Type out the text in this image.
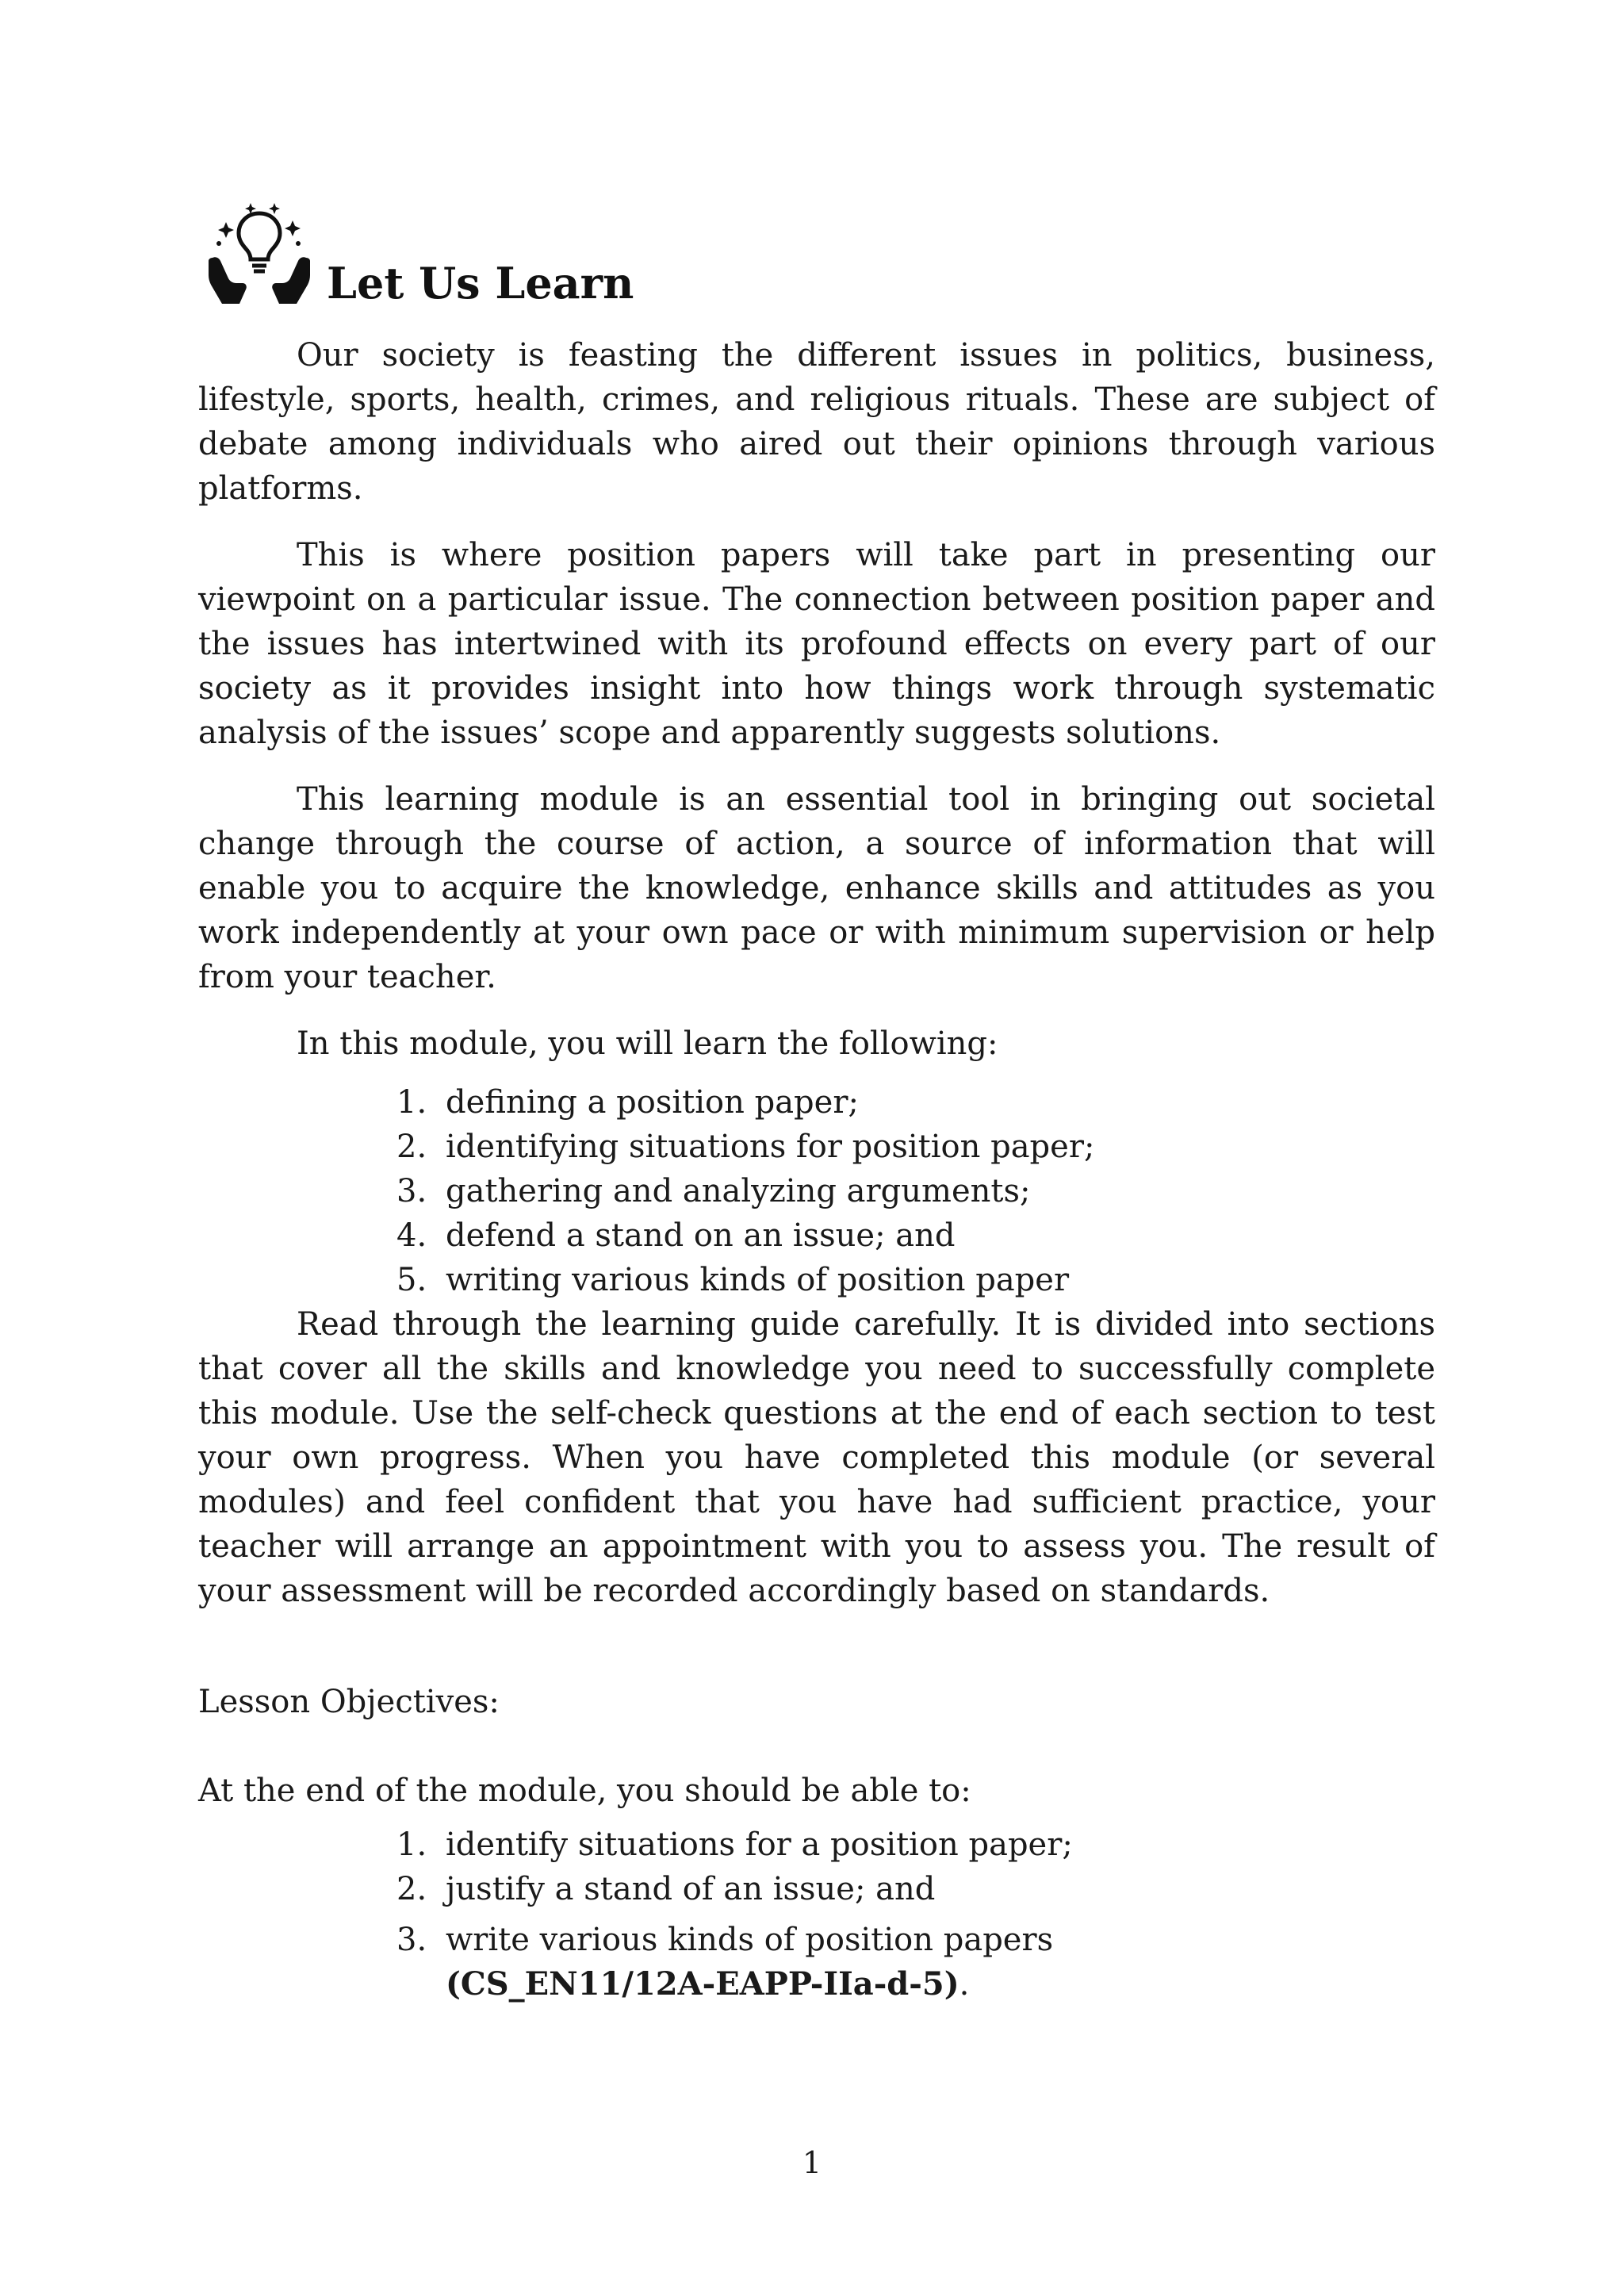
Let Us Learn

Our society is feasting the different issues in politics, business, lifestyle, sports, health, crimes, and religious rituals. These are subject of debate among individuals who aired out their opinions through various platforms.

This is where position papers will take part in presenting our viewpoint on a particular issue. The connection between position paper and the issues has intertwined with its profound effects on every part of our society as it provides insight into how things work through systematic analysis of the issues’ scope and apparently suggests solutions.

This learning module is an essential tool in bringing out societal change through the course of action, a source of information that will enable you to acquire the knowledge, enhance skills and attitudes as you work independently at your own pace or with minimum supervision or help from your teacher.

In this module, you will learn the following:

1. defining a position paper;
2. identifying situations for position paper;
3. gathering and analyzing arguments;
4. defend a stand on an issue; and
5. writing various kinds of position paper

Read through the learning guide carefully. It is divided into sections that cover all the skills and knowledge you need to successfully complete this module. Use the self-check questions at the end of each section to test your own progress. When you have completed this module (or several modules) and feel confident that you have had sufficient practice, your teacher will arrange an appointment with you to assess you. The result of your assessment will be recorded accordingly based on standards.

Lesson Objectives:

At the end of the module, you should be able to:

1. identify situations for a position paper;
2. justify a stand of an issue; and
3. write various kinds of position papers
(CS_EN11/12A-EAPP-IIa-d-5).
1
